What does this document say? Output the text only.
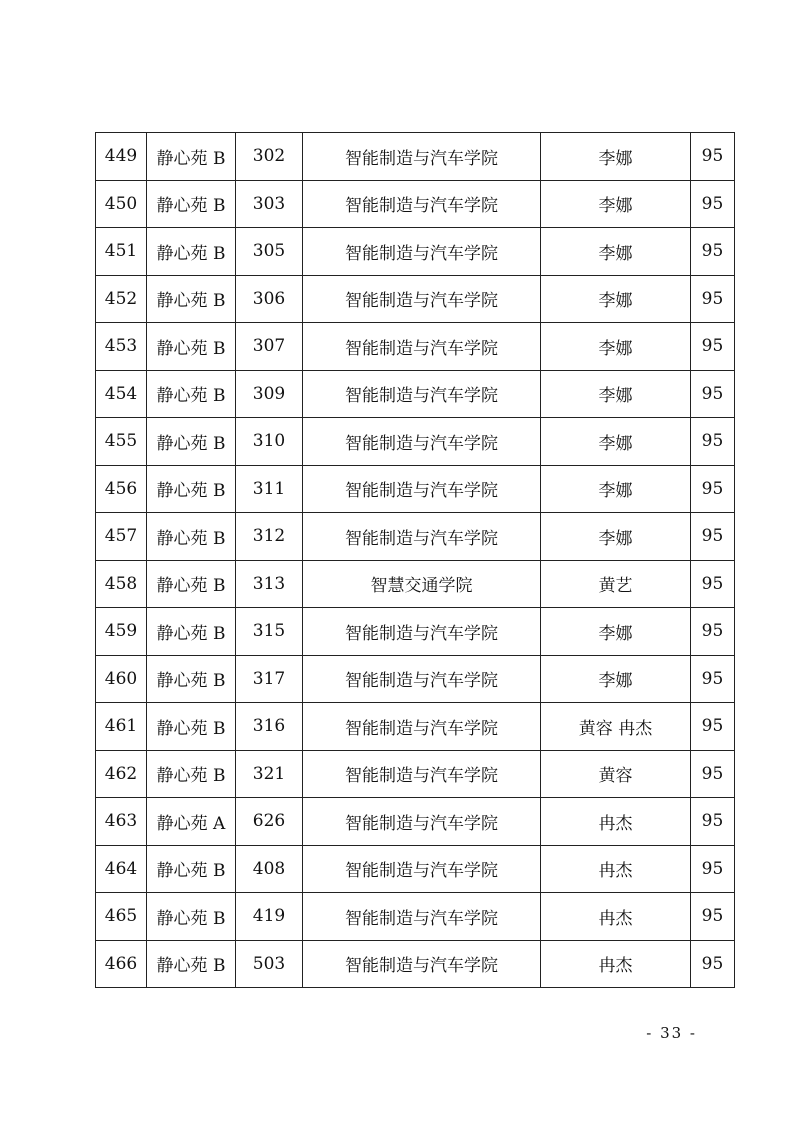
449	静心苑 B	302	智能制造与汽车学院	李娜	95
450	静心苑 B	303	智能制造与汽车学院	李娜	95
451	静心苑 B	305	智能制造与汽车学院	李娜	95
452	静心苑 B	306	智能制造与汽车学院	李娜	95
453	静心苑 B	307	智能制造与汽车学院	李娜	95
454	静心苑 B	309	智能制造与汽车学院	李娜	95
455	静心苑 B	310	智能制造与汽车学院	李娜	95
456	静心苑 B	311	智能制造与汽车学院	李娜	95
457	静心苑 B	312	智能制造与汽车学院	李娜	95
458	静心苑 B	313	智慧交通学院	黄艺	95
459	静心苑 B	315	智能制造与汽车学院	李娜	95
460	静心苑 B	317	智能制造与汽车学院	李娜	95
461	静心苑 B	316	智能制造与汽车学院	黄容 冉杰	95
462	静心苑 B	321	智能制造与汽车学院	黄容	95
463	静心苑 A	626	智能制造与汽车学院	冉杰	95
464	静心苑 B	408	智能制造与汽车学院	冉杰	95
465	静心苑 B	419	智能制造与汽车学院	冉杰	95
466	静心苑 B	503	智能制造与汽车学院	冉杰	95
- 33 -
